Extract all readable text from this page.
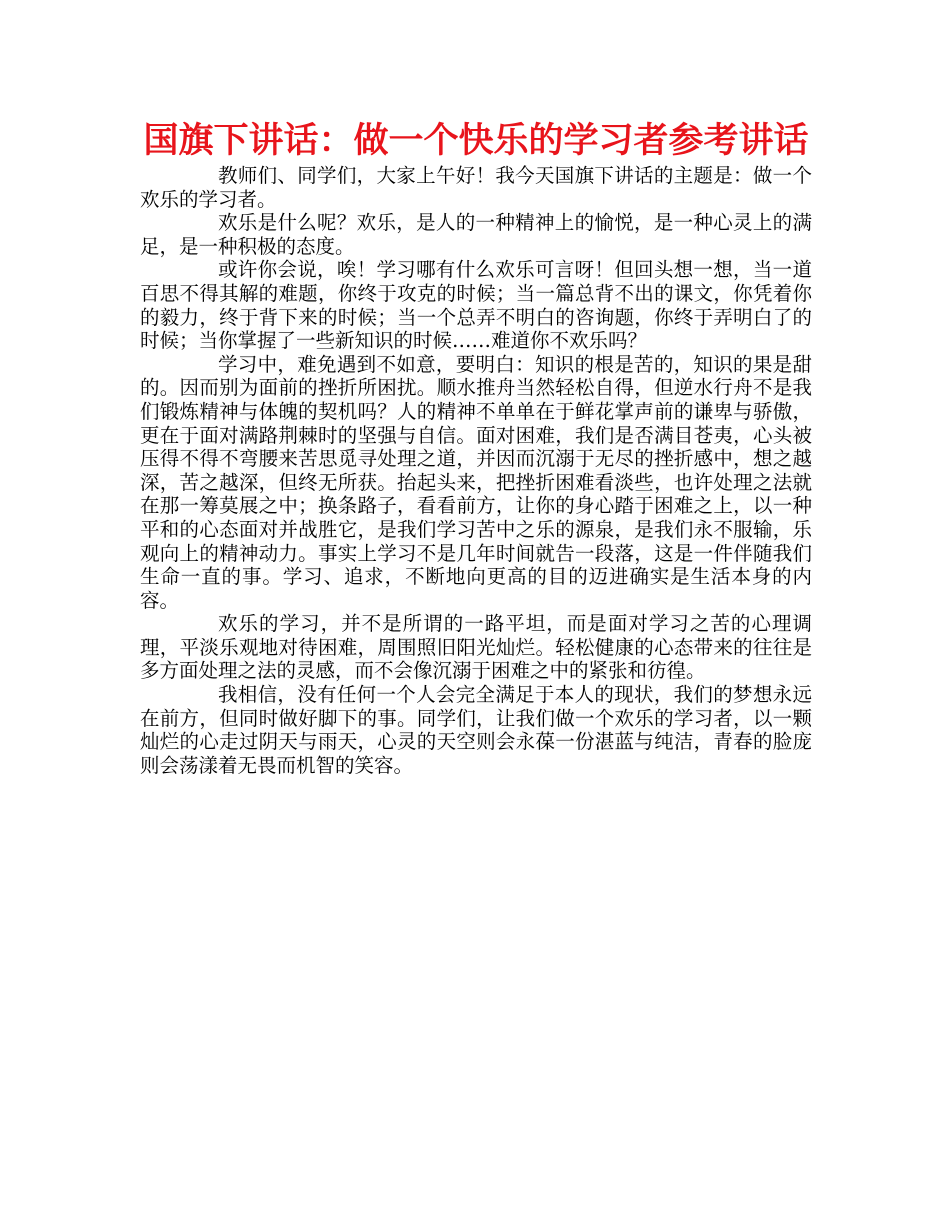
国旗下讲话：做一个快乐的学习者参考讲话

教师们、同学们，大家上午好！我今天国旗下讲话的主题是：做一个欢乐的学习者。

欢乐是什么呢？欢乐，是人的一种精神上的愉悦，是一种心灵上的满足，是一种积极的态度。

或许你会说，唉！学习哪有什么欢乐可言呀！但回头想一想，当一道百思不得其解的难题，你终于攻克的时候；当一篇总背不出的课文，你凭着你的毅力，终于背下来的时候；当一个总弄不明白的咨询题，你终于弄明白了的时候；当你掌握了一些新知识的时候……难道你不欢乐吗？

学习中，难免遇到不如意，要明白：知识的根是苦的，知识的果是甜的。因而别为面前的挫折所困扰。顺水推舟当然轻松自得，但逆水行舟不是我们锻炼精神与体魄的契机吗？人的精神不单单在于鲜花掌声前的谦卑与骄傲，更在于面对满路荆棘时的坚强与自信。面对困难，我们是否满目苍夷，心头被压得不得不弯腰来苦思觅寻处理之道，并因而沉溺于无尽的挫折感中，想之越深，苦之越深，但终无所获。抬起头来，把挫折困难看淡些，也许处理之法就在那一筹莫展之中；换条路子，看看前方，让你的身心踏于困难之上，以一种平和的心态面对并战胜它，是我们学习苦中之乐的源泉，是我们永不服输，乐观向上的精神动力。事实上学习不是几年时间就告一段落，这是一件伴随我们生命一直的事。学习、追求，不断地向更高的目的迈进确实是生活本身的内容。

欢乐的学习，并不是所谓的一路平坦，而是面对学习之苦的心理调理，平淡乐观地对待困难，周围照旧阳光灿烂。轻松健康的心态带来的往往是多方面处理之法的灵感，而不会像沉溺于困难之中的紧张和彷徨。

我相信，没有任何一个人会完全满足于本人的现状，我们的梦想永远在前方，但同时做好脚下的事。同学们，让我们做一个欢乐的学习者，以一颗灿烂的心走过阴天与雨天，心灵的天空则会永葆一份湛蓝与纯洁，青春的脸庞则会荡漾着无畏而机智的笑容。
